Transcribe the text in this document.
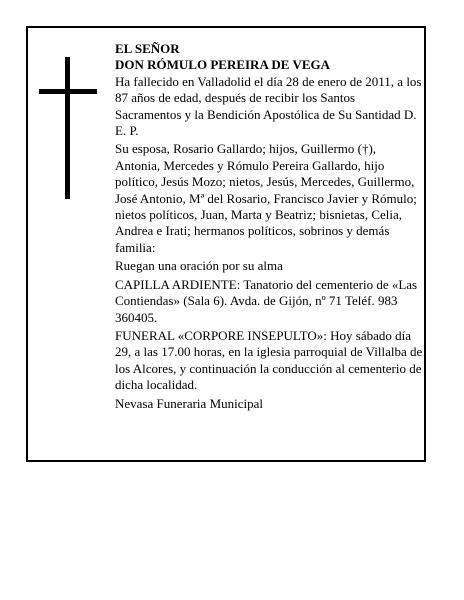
EL SEÑOR

DON RÓMULO PEREIRA DE VEGA

Ha fallecido en Valladolid el día 28 de enero de 2011, a los 87 años de edad, después de recibir los Santos Sacramentos y la Bendición Apostólica de Su Santidad D. E. P.

Su esposa, Rosario Gallardo; hijos, Guillermo (†), Antonia, Mercedes y Rómulo Pereira Gallardo, hijo político, Jesús Mozo; nietos, Jesús, Mercedes, Guillermo, José Antonio, Mª del Rosario, Francisco Javier y Rómulo; nietos políticos, Juan, Marta y Beatriz; bisnietas, Celia, Andrea e Irati; hermanos políticos, sobrinos y demás familia:

Ruegan una oración por su alma

CAPILLA ARDIENTE: Tanatorio del cementerio de «Las Contiendas» (Sala 6). Avda. de Gijón, nº 71 Teléf. 983 360405.

FUNERAL «CORPORE INSEPULTO»: Hoy sábado día 29, a las 17.00 horas, en la iglesia parroquial de Villalba de los Alcores, y continuación la conducción al cementerio de dicha localidad.

Nevasa Funeraria Municipal
